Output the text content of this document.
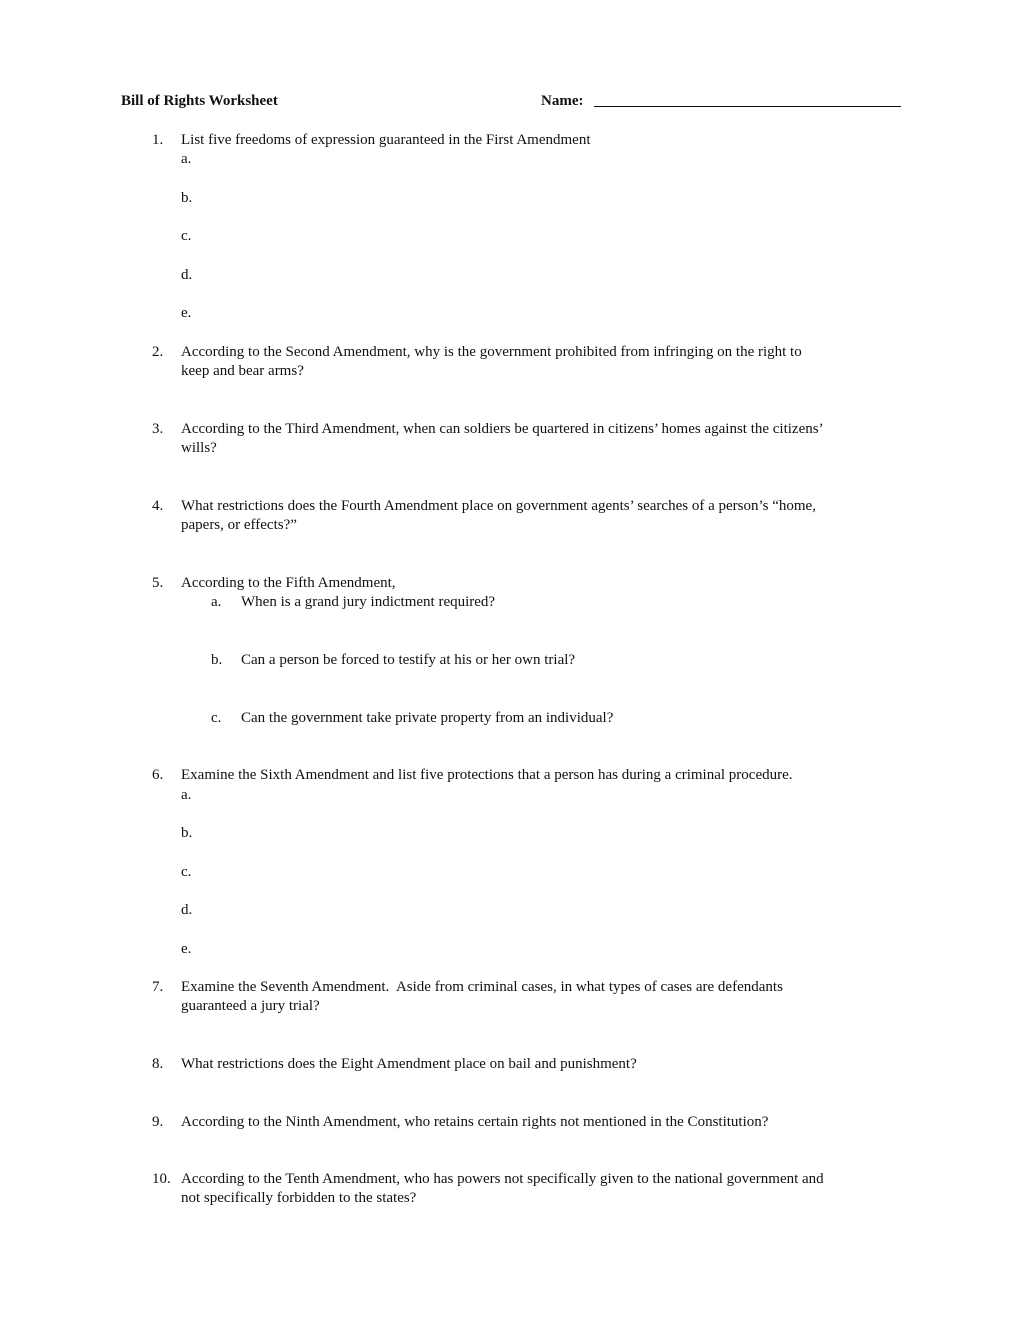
Bill of Rights Worksheet	Name:
1. List five freedoms of expression guaranteed in the First Amendment
a.
b.
c.
d.
e.
2. According to the Second Amendment, why is the government prohibited from infringing on the right to
keep and bear arms?
3. According to the Third Amendment, when can soldiers be quartered in citizens’ homes against the citizens’
wills?
4. What restrictions does the Fourth Amendment place on government agents’ searches of a person’s “home,
papers, or effects?”
5. According to the Fifth Amendment,
a. When is a grand jury indictment required?
b. Can a person be forced to testify at his or her own trial?
c. Can the government take private property from an individual?
6. Examine the Sixth Amendment and list five protections that a person has during a criminal procedure.
a.
b.
c.
d.
e.
7. Examine the Seventh Amendment.  Aside from criminal cases, in what types of cases are defendants
guaranteed a jury trial?
8. What restrictions does the Eight Amendment place on bail and punishment?
9. According to the Ninth Amendment, who retains certain rights not mentioned in the Constitution?
10. According to the Tenth Amendment, who has powers not specifically given to the national government and
not specifically forbidden to the states?
